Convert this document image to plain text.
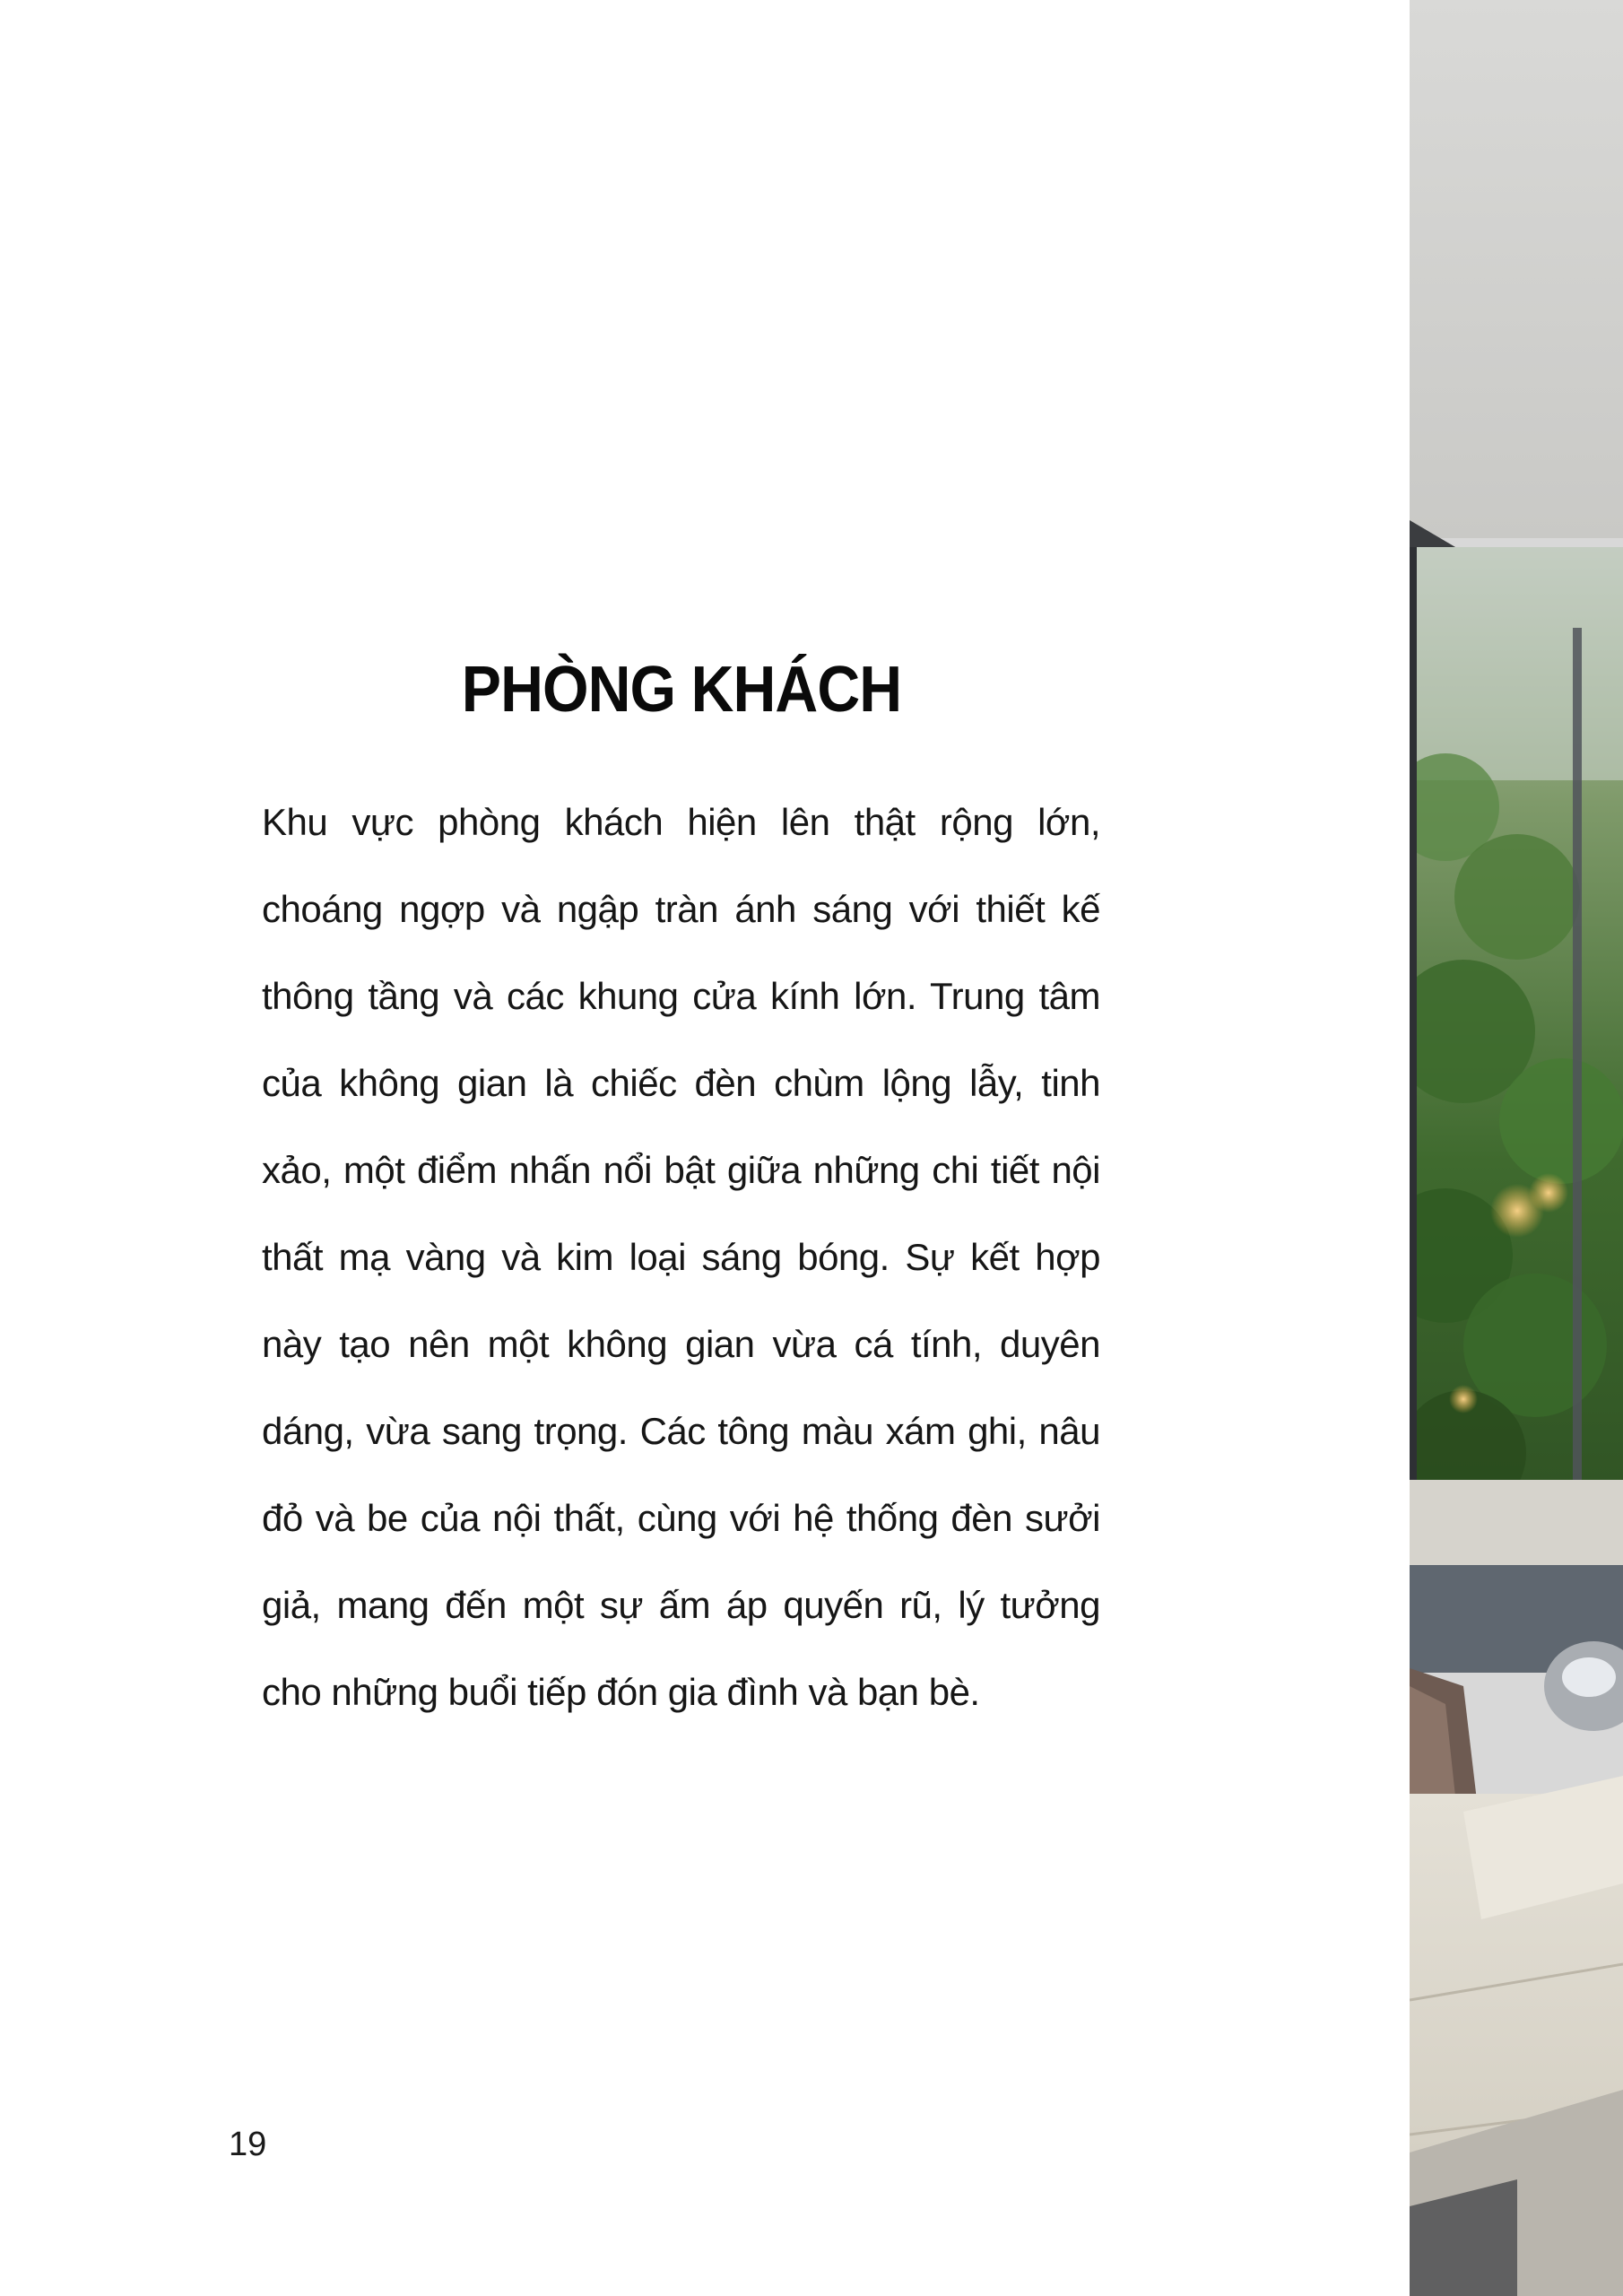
PHÒNG KHÁCH

Khu vực phòng khách hiện lên thật rộng lớn, choáng ngợp và ngập tràn ánh sáng với thiết kế thông tầng và các khung cửa kính lớn. Trung tâm của không gian là chiếc đèn chùm lộng lẫy, tinh xảo, một điểm nhấn nổi bật giữa những chi tiết nội thất mạ vàng và kim loại sáng bóng. Sự kết hợp này tạo nên một không gian vừa cá tính, duyên dáng, vừa sang trọng. Các tông màu xám ghi, nâu đỏ và be của nội thất, cùng với hệ thống đèn sưởi giả, mang đến một sự ấm áp quyến rũ, lý tưởng cho những buổi tiếp đón gia đình và bạn bè.

19
